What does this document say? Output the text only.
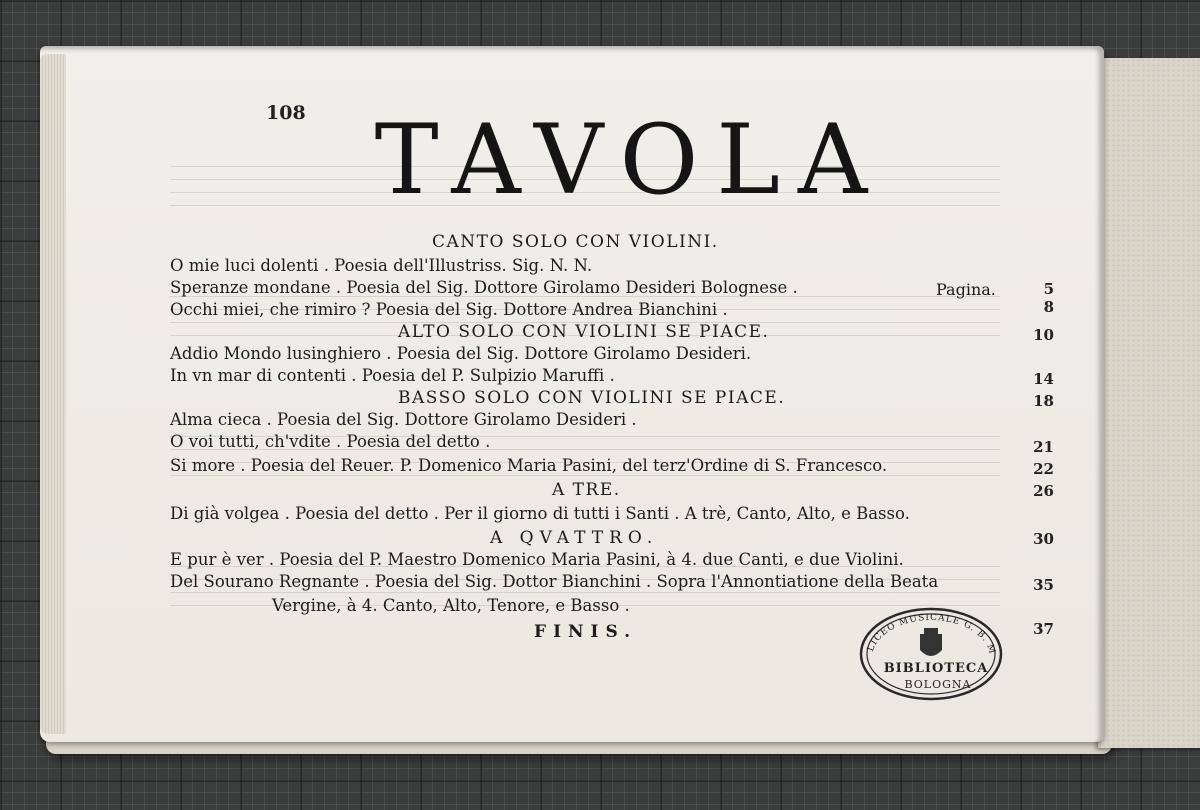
108 TAVOLA
Pagina.
CANTO SOLO CON VIOLINI.
O mie luci dolenti . Poesia dell'Illustriss. Sig. N. N.
5
Speranze mondane . Poesia del Sig. Dottore Girolamo Desideri Bolognese .
8
Occhi miei, che rimiro ? Poesia del Sig. Dottore Andrea Bianchini .
10
ALTO SOLO CON VIOLINI SE PIACE.
Addio Mondo lusinghiero . Poesia del Sig. Dottore Girolamo Desideri.
14
In vn mar di contenti . Poesia del P. Sulpizio Maruffi .
18
BASSO SOLO CON VIOLINI SE PIACE.
Alma cieca . Poesia del Sig. Dottore Girolamo Desideri .
21
O voi tutti, ch'vdite . Poesia del detto .
22
Si more . Poesia del Reuer. P. Domenico Maria Pasini, del terz'Ordine di S. Francesco.
26
A TRE.
Di già volgea . Poesia del detto . Per il giorno di tutti i Santi . A trè, Canto, Alto, e Basso.
30
A QVATTRO.
E pur è ver . Poesia del P. Maestro Domenico Maria Pasini, à 4. due Canti, e due Violini.
35
Del Sourano Regnante . Poesia del Sig. Dottor Bianchini . Sopra l'Annontiatione della Beata
Vergine, à 4. Canto, Alto, Tenore, e Basso .
37
FINIS.
LICEO MUSICALE G. B. M
BIBLIOTECA
BOLOGNA
